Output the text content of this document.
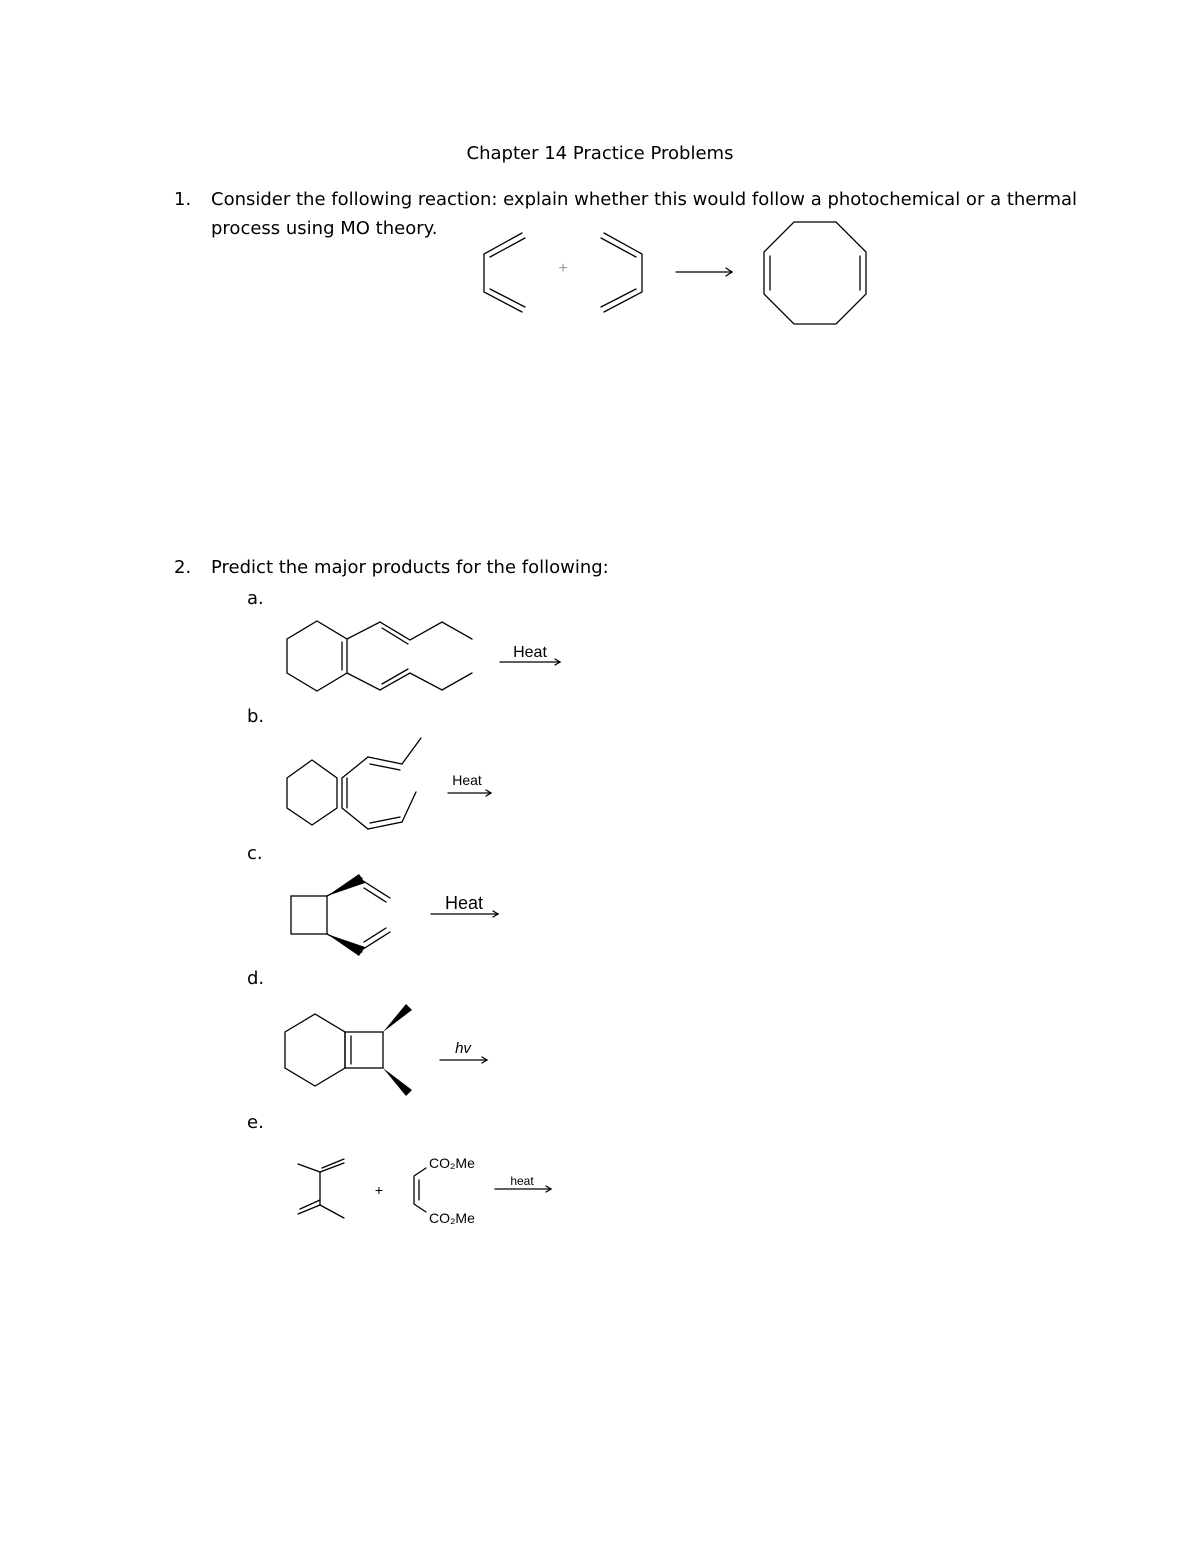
Chapter 14 Practice Problems
1. Consider the following reaction: explain whether this would follow a photochemical or a thermal
process using MO theory.
2. Predict the major products for the following:
a.
b.
c.
d.
e.
+
+
Heat
Heat
Heat
hv
heat
CO₂Me
CO₂Me
